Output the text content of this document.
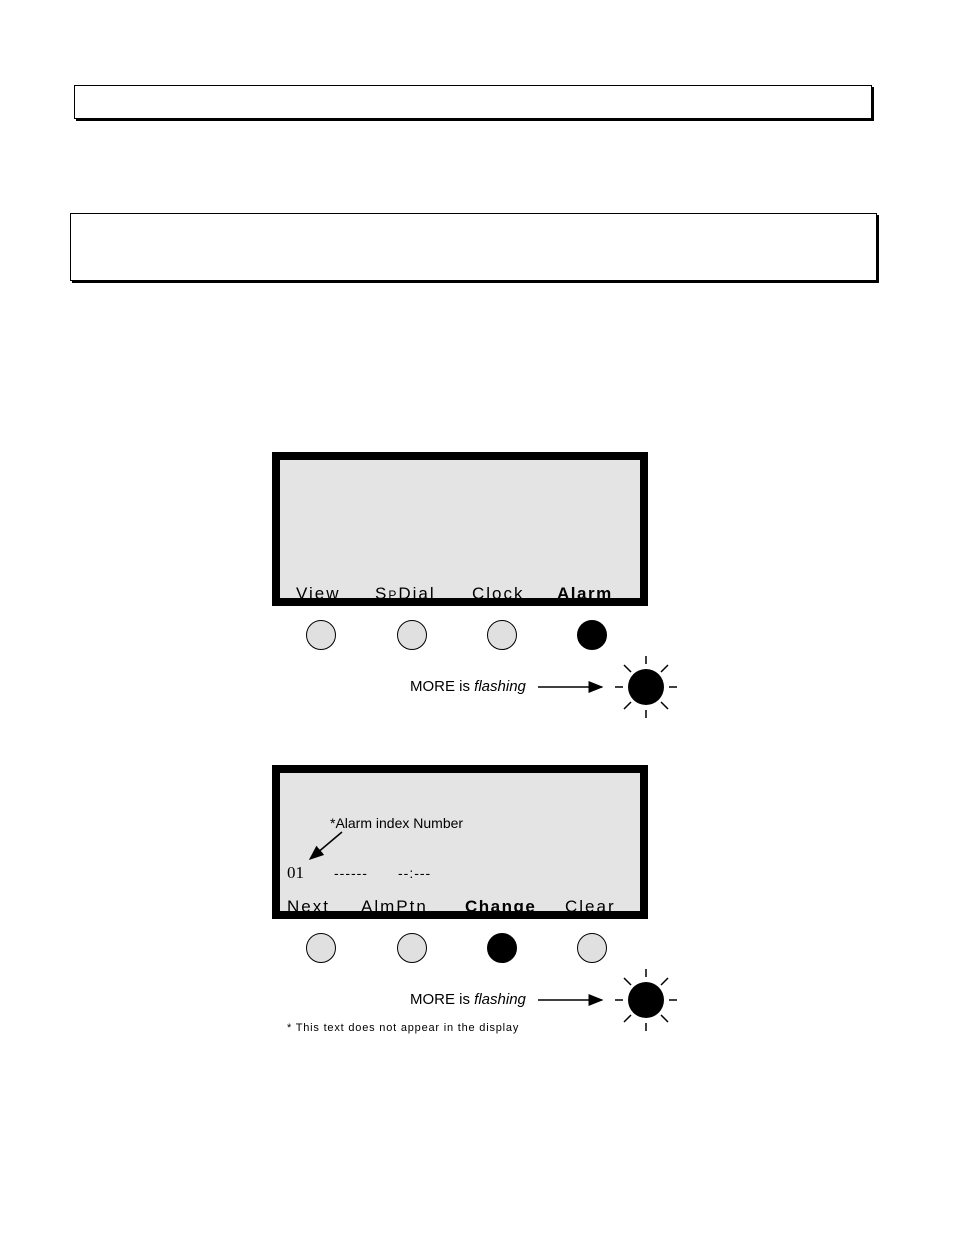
View SPDial Clock Alarm
MORE is flashing
*Alarm index Number
01 ------ --:---
Next AlmPtn Change Clear
MORE is flashing
* This text does not appear in the display
